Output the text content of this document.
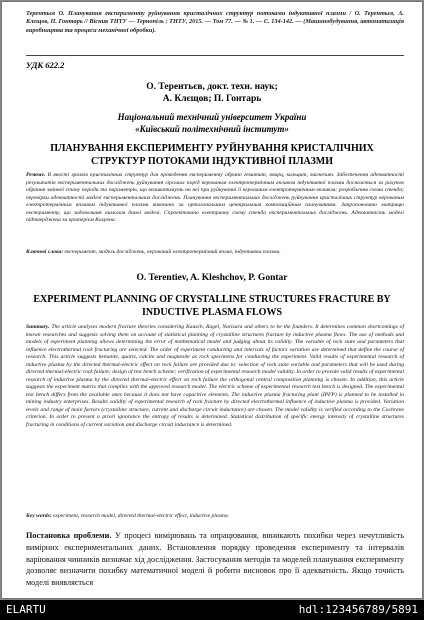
Терентьєв О. Планування експерименту руйнування кристалічних структур потоками індуктивної плазми / О. Терентьєв, А. Клєщов, П. Гонтарь // Вісник ТНТУ — Тернопіль : ТНТУ, 2015. — Том 77. — № 1. — С. 134-142. — (Машинобудування, автоматизація виробництва та процеси механічної обробки).
УДК 622.2
О. Терентьєв, докт. техн. наук;
А. Клєщов; П. Гонтарь
Національний технічний університет України
«Київський політехнічний інститут»
ПЛАНУВАННЯ ЕКСПЕРИМЕНТУ РУЙНУВАННЯ КРИСТАЛІЧНИХ СТРУКТУР ПОТОКАМИ ІНДУКТИВНОЇ ПЛАЗМИ
Резюме. В якості зразків кристалічних структур для проведення експерименту обрано гематит, кварц, кальцит, магнезит. Забезпечення адекватності результатів експериментальних досліджень руйнування гірських порід керованим електротермічним впливом індуктивної плазми досягається за рахунок обрання змінної стану породи та параметрів, що впливатимуть на неї при руйнуванні її керованим електротермічним впливом; розроблення схеми стенда; перевірки адекватності моделі експериментальних досліджень. Планування експериментальних досліджень руйнування кристалічних структур керованим електротермічним впливом індуктивної плазми виконано за ортогональним центральним композиційним плануванням. Запропоновано матрицю експерименту, що задовольняє вимогам даної моделі. Спроектовано електричну схему стенда експериментальних досліджень. Адекватність моделі підтверджена за критерієм Кохрена.
Ключові слова: експеримент, модель досліджень, керований електротермічний вплив, індуктивна плазма.
O. Terentiev, A. Kleshchov, P. Gontar
EXPERIMENT PLANNING OF CRYSTALLINE STRUCTURES FRACTURE BY INDUCTIVE PLASMA FLOWS
Summary. The article analyses modern fracture theories considering Kausch, Ragel, Narisara and others to be the founders. It determines common shortcomings of known researches and suggests solving them on account of statistical planning of crystalline structures fracture by inductive plasma flows. The use of methods and models of experiment planning allows determining the error of mathematical model and judging about its validity. The variable of rock state and parameters that influence electrothermal rock fracturing are selected. The order of experiment conducting and intervals of factors variation are determined that define the course of research. This article suggests hematite, quartz, calcite and magnesite as rock specimens for conducting the experiment. Valid results of experimental research of inductive plasma by the directed thermal-electric effect on rock failure are provided due to: selection of rock state variable and parameters that will be used during directed thermal-electric rock failure; design of test bench scheme; verification of experimental research model validity. In order to provide valid results of experimental research of inductive plasma by the directed thermal-electric effect on rock failure the orthogonal central composition planning is chosen. In addition, this article suggests the experiment matrix that complies with the approved research model. The electric scheme of experimental research test bench is designed. The experimental test bench differs from the available ones because it does not have capacitive elements. The inductive plasma fracturing plant (IPFP) is planned to be installed in mining industry enterprises. Results validity of experimental research of rock fracture by directed electrothermal influence of inductive plasma is provided. Variation levels and range of main factors (crystalline structure, current and discharge circuit inductance) are chosen. The model validity is verified according to the Cochrane criterion. In order to prevent a priori ignorance the entropy of results is determined. Statistical distribution of specific energy intensity of crystalline structures fracturing in conditions of current variation and discharge circuit inductance is determined.
Key words: experiment, research model, directed thermal-electric effect, inductive plasma.
Постановка проблеми. У процесі вимірювань та опрацювання, виникають похибки через нечутливість вимірних експериментальних даних. Встановлення порядку проведення експерименту та інтервалів варіювання чинників визначає хід дослідження. Застосування методів та моделей планування експерименту дозволяє визначити похибку математичної моделі й робити висновок про її адекватність. Якщо точність моделі виявляється
ELARTU	hdl:123456789/5891
